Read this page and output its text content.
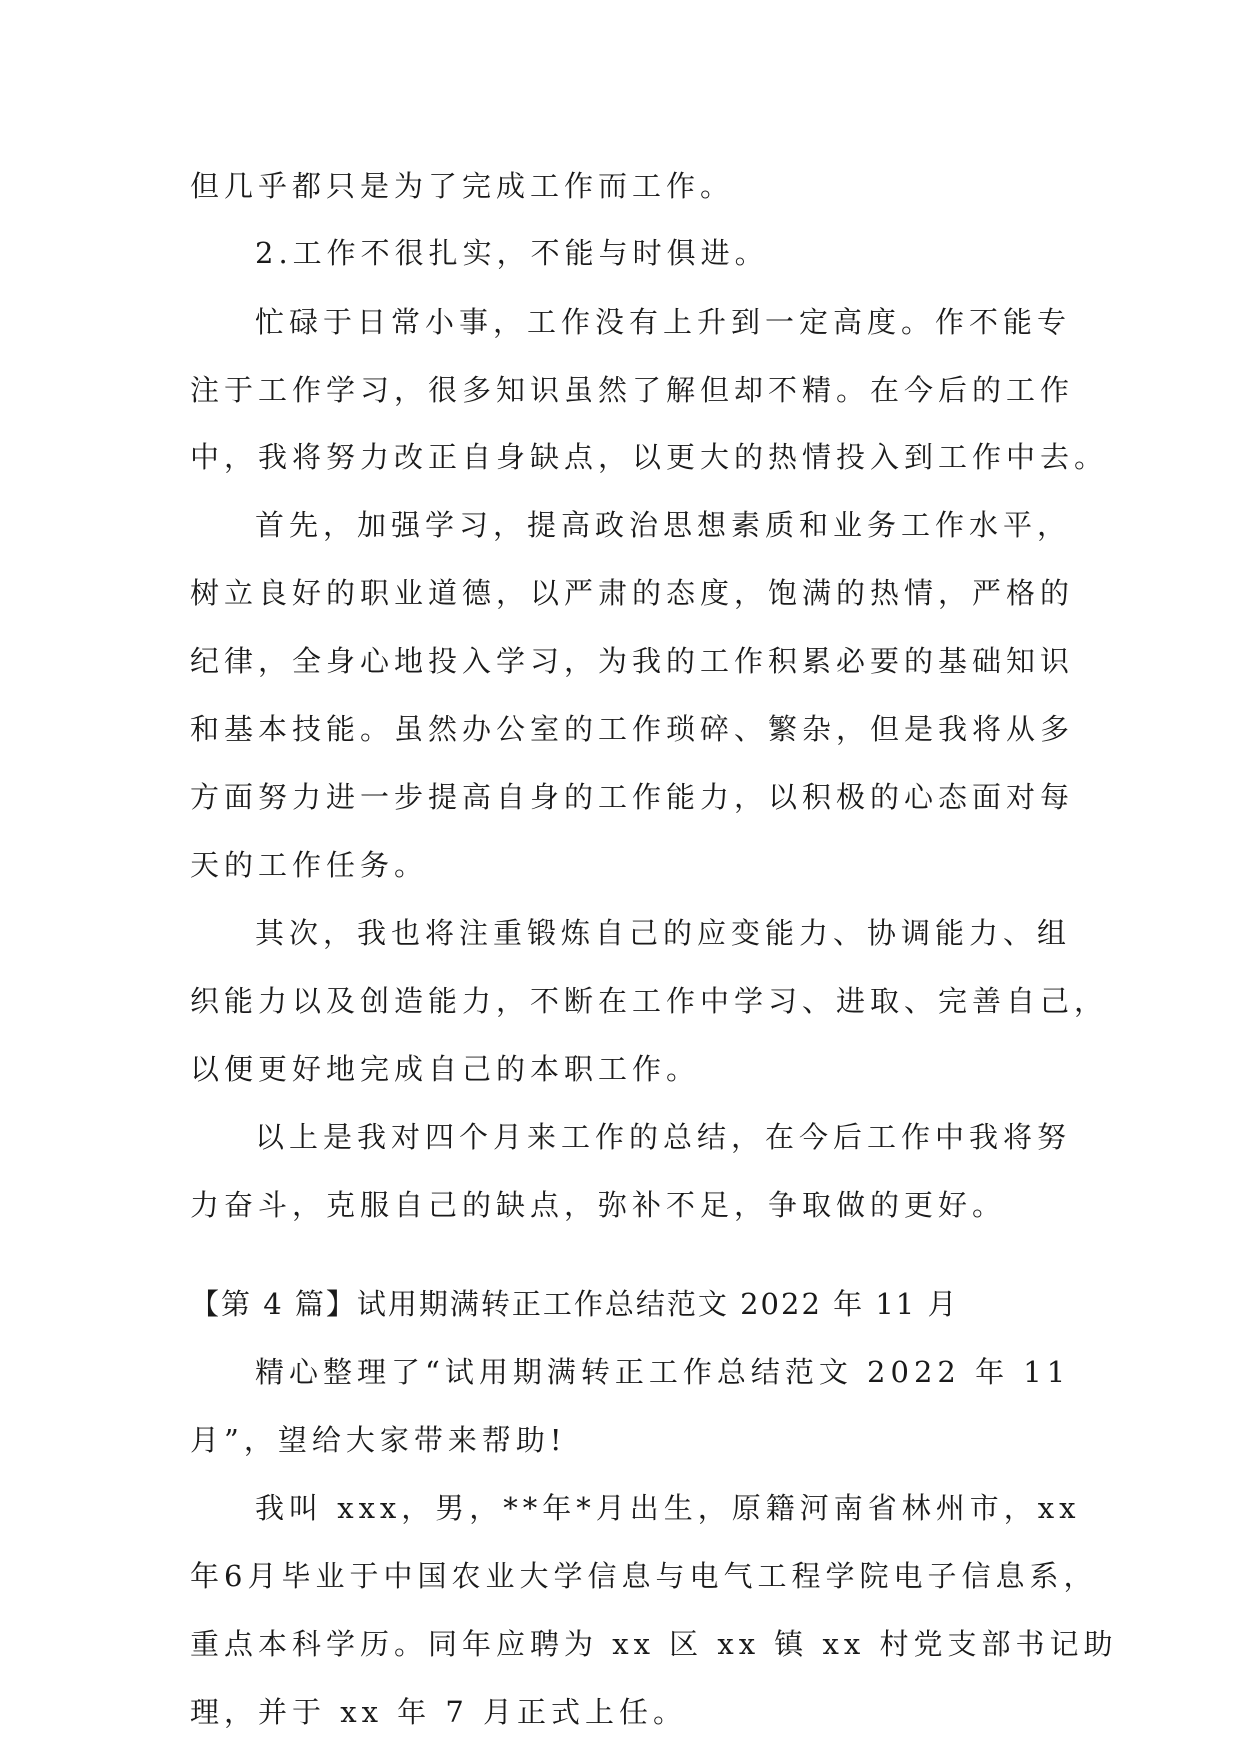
但几乎都只是为了完成工作而工作。
2.工作不很扎实，不能与时俱进。
忙碌于日常小事，工作没有上升到一定高度。作不能专
注于工作学习，很多知识虽然了解但却不精。在今后的工作
中，我将努力改正自身缺点，以更大的热情投入到工作中去。
首先，加强学习，提高政治思想素质和业务工作水平，
树立良好的职业道德，以严肃的态度，饱满的热情，严格的
纪律，全身心地投入学习，为我的工作积累必要的基础知识
和基本技能。虽然办公室的工作琐碎、繁杂，但是我将从多
方面努力进一步提高自身的工作能力，以积极的心态面对每
天的工作任务。
其次，我也将注重锻炼自己的应变能力、协调能力、组
织能力以及创造能力，不断在工作中学习、进取、完善自己，
以便更好地完成自己的本职工作。
以上是我对四个月来工作的总结，在今后工作中我将努
力奋斗，克服自己的缺点，弥补不足，争取做的更好。
【第 4 篇】试用期满转正工作总结范文 2022 年 11 月
精心整理了“试用期满转正工作总结范文 2022 年 11
月”，望给大家带来帮助!
我叫 xxx，男，**年*月出生，原籍河南省林州市，xx
年6月毕业于中国农业大学信息与电气工程学院电子信息系，
重点本科学历。同年应聘为 xx 区 xx 镇 xx 村党支部书记助
理，并于 xx 年 7 月正式上任。
